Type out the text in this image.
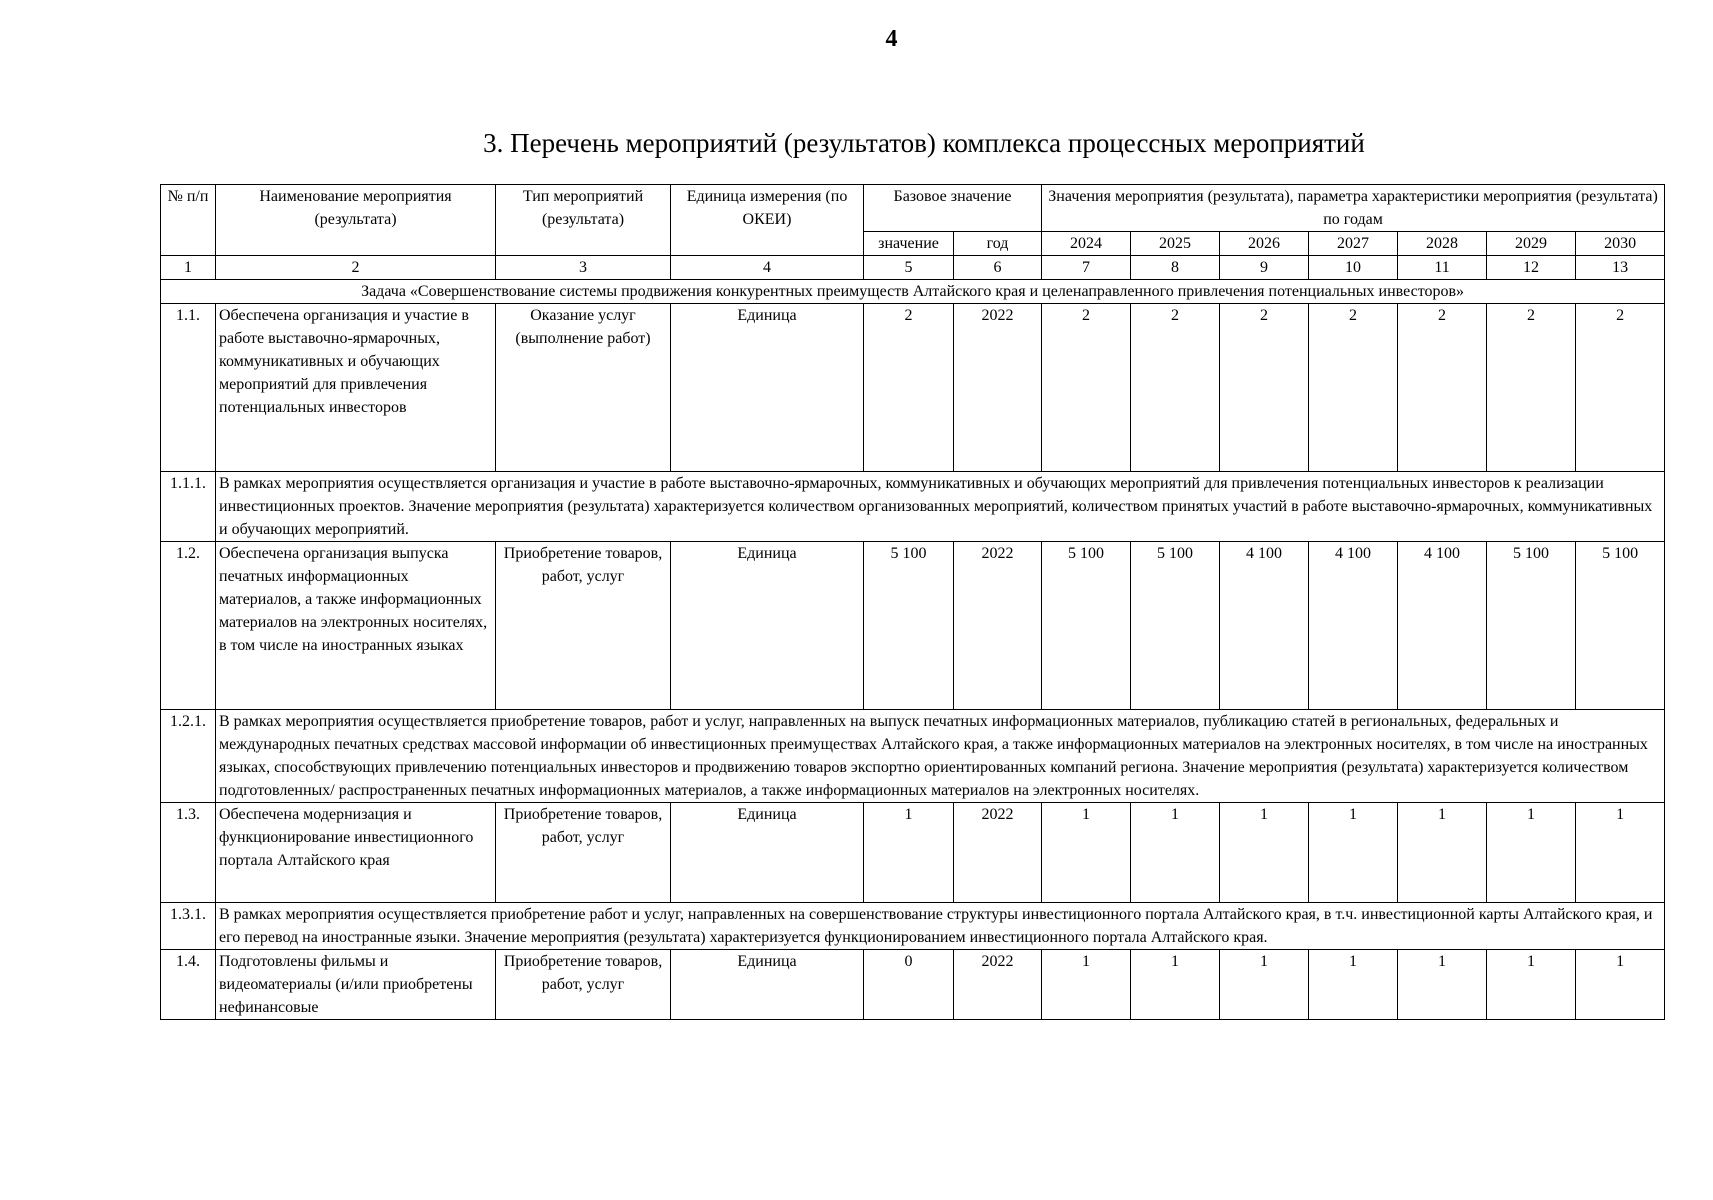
4
3. Перечень мероприятий (результатов) комплекса процессных мероприятий
№ п/п	Наименование мероприятия (результата)	Тип мероприятий (результата)	Единица измерения (по ОКЕИ)	Базовое значение		Значения мероприятия (результата), параметра характеристики мероприятия (результата) по годам						
				значение	год	2024	2025	2026	2027	2028	2029	2030
1	2	3	4	5	6	7	8	9	10	11	12	13
Задача «Совершенствование системы продвижения конкурентных преимуществ Алтайского края и целенаправленного привлечения потенциальных инвесторов»												
1.1.	Обеспечена организация и участие в работе выставочно-ярмарочных, коммуникативных и обучающих мероприятий для привлечения потенциальных инвесторов	Оказание услуг (выполнение работ)	Единица	2	2022	2	2	2	2	2	2	2
1.1.1.	В рамках мероприятия осуществляется организация и участие в работе выставочно-ярмарочных, коммуникативных и обучающих мероприятий для привлечения потенциальных инвесторов к реализации инвестиционных проектов. Значение мероприятия (результата) характеризуется количеством организованных мероприятий, количеством принятых участий в работе выставочно-ярмарочных, коммуникативных и обучающих мероприятий.											
1.2.	Обеспечена организация выпуска печатных информационных материалов, а также информационных материалов на электронных носителях, в том числе на иностранных языках	Приобретение товаров, работ, услуг	Единица	5 100	2022	5 100	5 100	4 100	4 100	4 100	5 100	5 100
1.2.1.	В рамках мероприятия осуществляется приобретение товаров, работ и услуг, направленных на выпуск печатных информационных материалов, публикацию статей в региональных, федеральных и международных печатных средствах массовой информации об инвестиционных преимуществах Алтайского края, а также информационных материалов на электронных носителях, в том числе на иностранных языках, способствующих привлечению потенциальных инвесторов и продвижению товаров экспортно ориентированных компаний региона. Значение мероприятия (результата) характеризуется количеством подготовленных/ распространенных печатных информационных материалов, а также информационных материалов на электронных носителях.											
1.3.	Обеспечена модернизация и функционирование инвестиционного портала Алтайского края	Приобретение товаров, работ, услуг	Единица	1	2022	1	1	1	1	1	1	1
1.3.1.	В рамках мероприятия осуществляется приобретение работ и услуг, направленных на совершенствование структуры инвестиционного портала Алтайского края, в т.ч. инвестиционной карты Алтайского края, и его перевод на иностранные языки. Значение мероприятия (результата) характеризуется функционированием инвестиционного портала Алтайского края.											
1.4.	Подготовлены фильмы и видеоматериалы (и/или приобретены нефинансовые	Приобретение товаров, работ, услуг	Единица	0	2022	1	1	1	1	1	1	1
